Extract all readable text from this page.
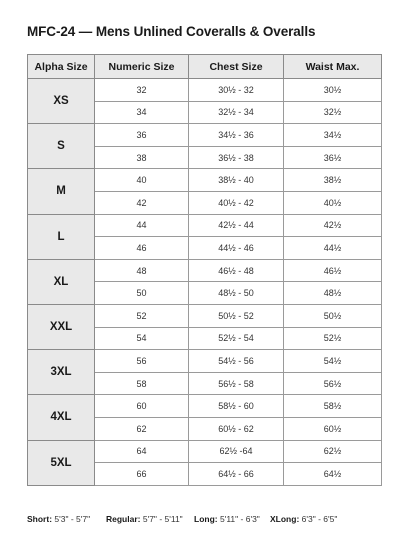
MFC-24 — Mens Unlined Coveralls & Overalls
Alpha Size	Numeric Size	Chest Size	Waist Max.
XS	32	30½ - 32	30½
	34	32½ - 34	32½
S	36	34½ - 36	34½
	38	36½ - 38	36½
M	40	38½ - 40	38½
	42	40½ - 42	40½
L	44	42½ - 44	42½
	46	44½ - 46	44½
XL	48	46½ - 48	46½
	50	48½ - 50	48½
XXL	52	50½ - 52	50½
	54	52½ - 54	52½
3XL	56	54½ - 56	54½
	58	56½ - 58	56½
4XL	60	58½ - 60	58½
	62	60½ - 62	60½
5XL	64	62½ -64	62½
	66	64½ - 66	64½
Short: 5'3" - 5'7"	Regular: 5'7" - 5'11"	Long: 5'11" - 6'3"	XLong: 6'3" - 6'5"
